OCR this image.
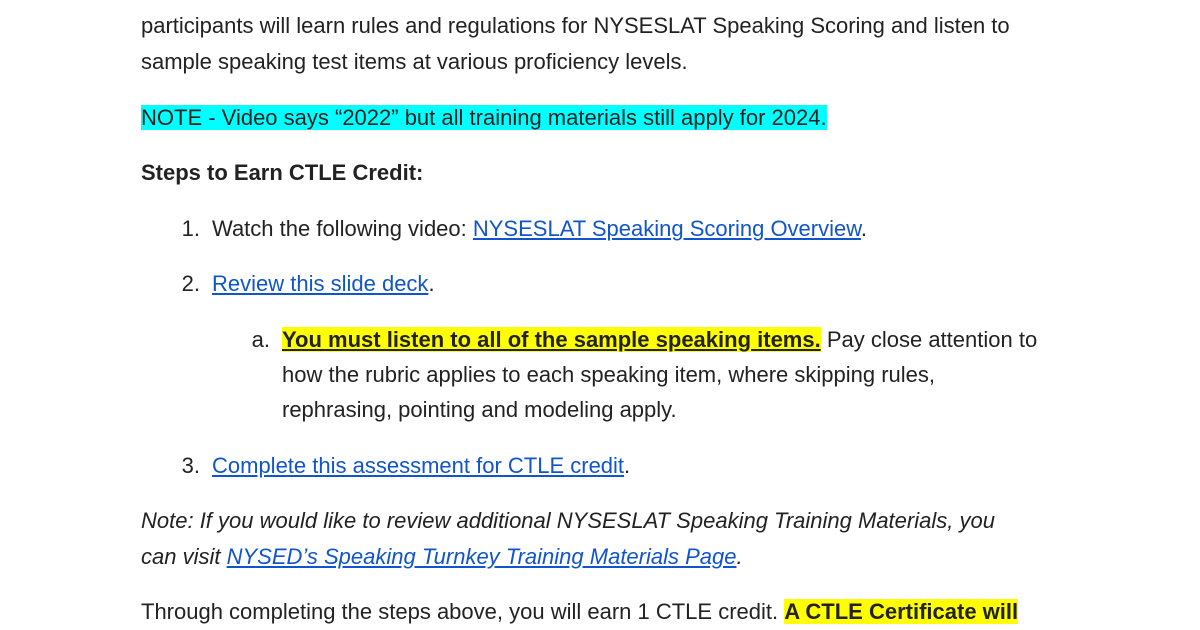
participants will learn rules and regulations for NYSESLAT Speaking Scoring and listen to
sample speaking test items at various proficiency levels.
NOTE - Video says “2022” but all training materials still apply for 2024.
Steps to Earn CTLE Credit:
1. Watch the following video: NYSESLAT Speaking Scoring Overview.
2. Review this slide deck.
a. You must listen to all of the sample speaking items. Pay close attention to
how the rubric applies to each speaking item, where skipping rules,
rephrasing, pointing and modeling apply.
3. Complete this assessment for CTLE credit.
Note: If you would like to review additional NYSESLAT Speaking Training Materials, you
can visit NYSED’s Speaking Turnkey Training Materials Page.
Through completing the steps above, you will earn 1 CTLE credit. A CTLE Certificate will
